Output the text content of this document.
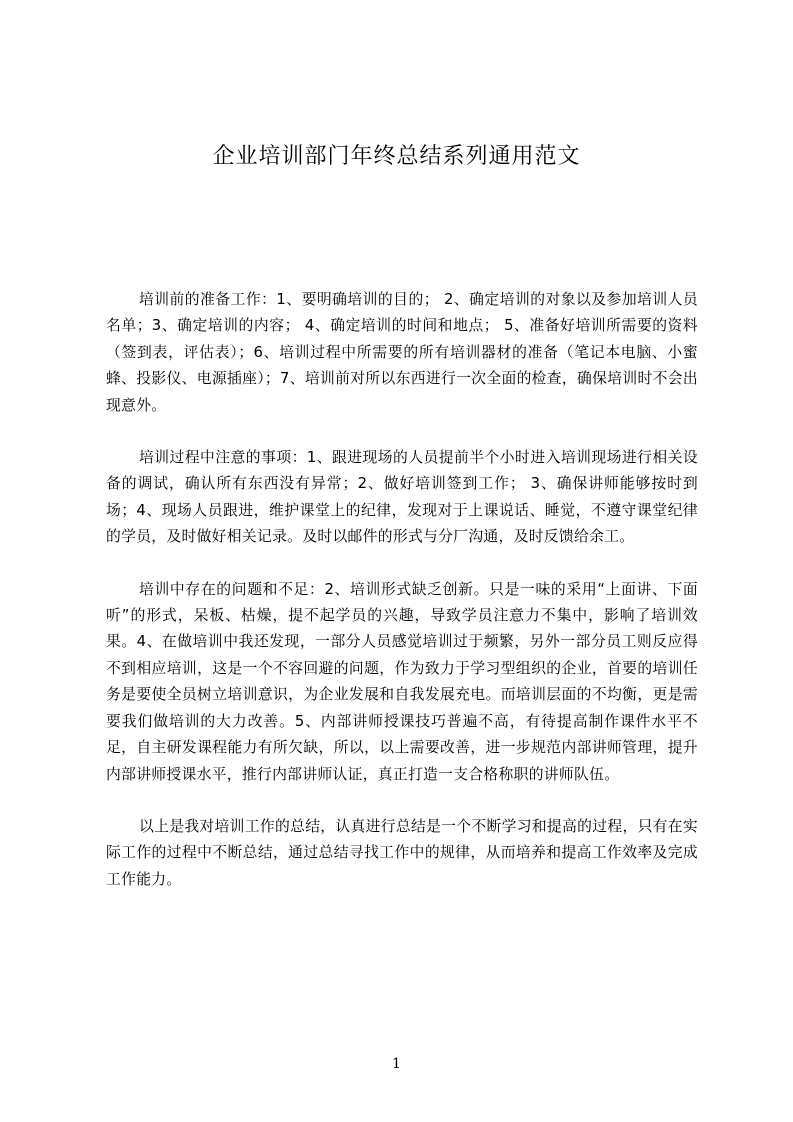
企业培训部门年终总结系列通用范文

培训前的准备工作：1、要明确培训的目的； 2、确定培训的对象以及参加培训人员名单；3、确定培训的内容； 4、确定培训的时间和地点； 5、准备好培训所需要的资料（签到表，评估表）；6、培训过程中所需要的所有培训器材的准备（笔记本电脑、小蜜蜂、投影仪、电源插座）；7、培训前对所以东西进行一次全面的检查，确保培训时不会出现意外。

培训过程中注意的事项：1、跟进现场的人员提前半个小时进入培训现场进行相关设备的调试，确认所有东西没有异常；2、做好培训签到工作； 3、确保讲师能够按时到场；4、现场人员跟进，维护课堂上的纪律，发现对于上课说话、睡觉，不遵守课堂纪律的学员，及时做好相关记录。及时以邮件的形式与分厂沟通，及时反馈给余工。

培训中存在的问题和不足：2、培训形式缺乏创新。只是一味的采用“上面讲、下面听”的形式，呆板、枯燥，提不起学员的兴趣，导致学员注意力不集中，影响了培训效果。4、在做培训中我还发现，一部分人员感觉培训过于频繁，另外一部分员工则反应得不到相应培训，这是一个不容回避的问题，作为致力于学习型组织的企业，首要的培训任务是要使全员树立培训意识，为企业发展和自我发展充电。而培训层面的不均衡，更是需要我们做培训的大力改善。5、内部讲师授课技巧普遍不高，有待提高制作课件水平不足，自主研发课程能力有所欠缺，所以，以上需要改善，进一步规范内部讲师管理，提升内部讲师授课水平，推行内部讲师认证，真正打造一支合格称职的讲师队伍。

以上是我对培训工作的总结，认真进行总结是一个不断学习和提高的过程，只有在实际工作的过程中不断总结，通过总结寻找工作中的规律，从而培养和提高工作效率及完成工作能力。

1
